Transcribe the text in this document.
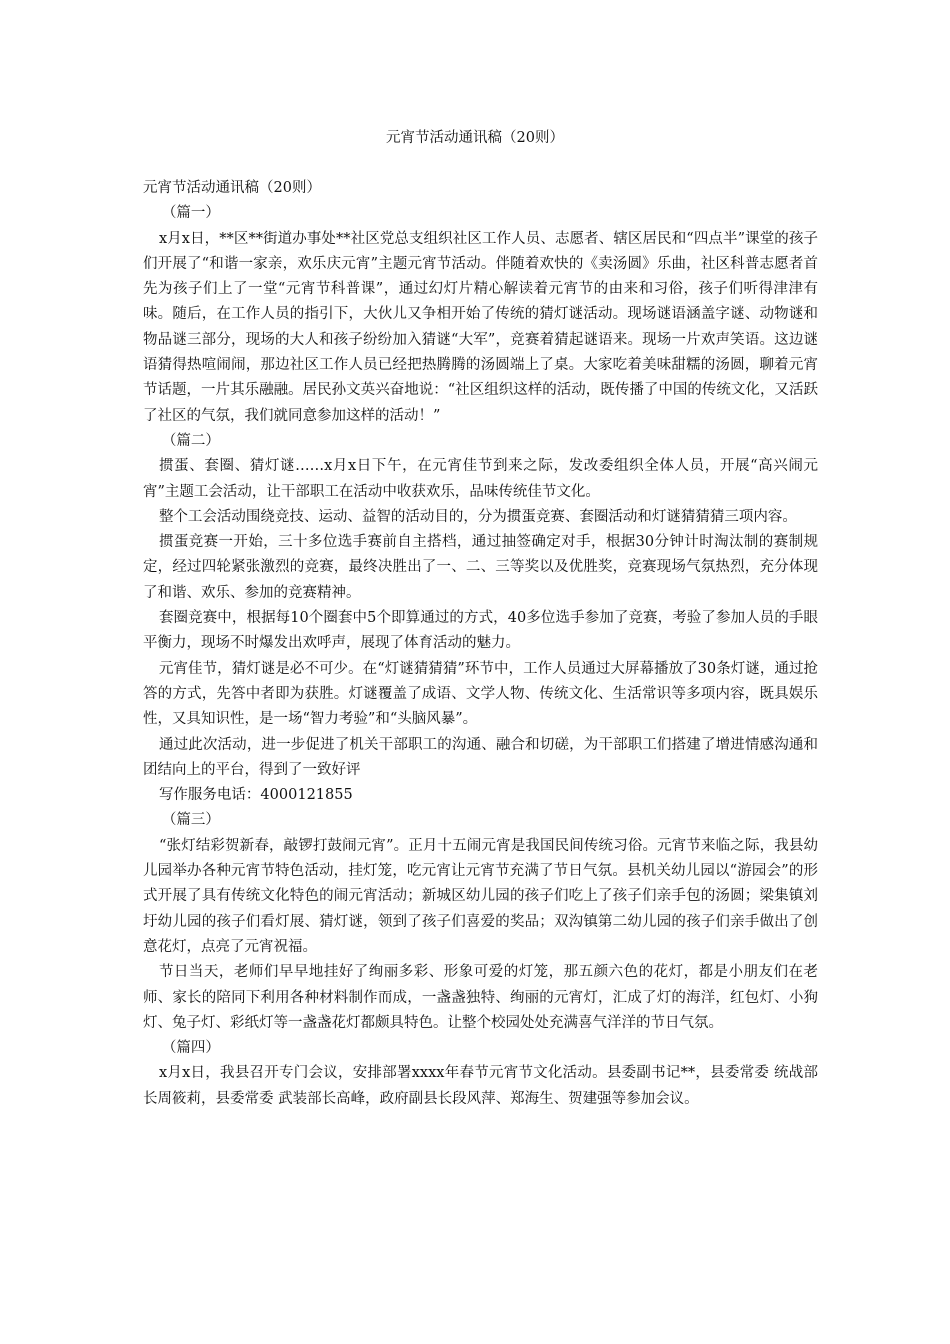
元宵节活动通讯稿（20则）

元宵节活动通讯稿（20则）

（篇一）

x月x日，**区**街道办事处**社区党总支组织社区工作人员、志愿者、辖区居民和“四点半”课堂的孩子们开展了“和谐一家亲，欢乐庆元宵”主题元宵节活动。伴随着欢快的《卖汤圆》乐曲，社区科普志愿者首先为孩子们上了一堂“元宵节科普课”，通过幻灯片精心解读着元宵节的由来和习俗，孩子们听得津津有味。随后，在工作人员的指引下，大伙儿又争相开始了传统的猜灯谜活动。现场谜语涵盖字谜、动物谜和物品谜三部分，现场的大人和孩子纷纷加入猜谜“大军”，竞赛着猜起谜语来。现场一片欢声笑语。这边谜语猜得热喧闹闹，那边社区工作人员已经把热腾腾的汤圆端上了桌。大家吃着美味甜糯的汤圆，聊着元宵节话题，一片其乐融融。居民孙文英兴奋地说：“社区组织这样的活动，既传播了中国的传统文化，又活跃了社区的气氛，我们就同意参加这样的活动！”

（篇二）

掼蛋、套圈、猜灯谜……x月x日下午，在元宵佳节到来之际，发改委组织全体人员，开展“高兴闹元宵”主题工会活动，让干部职工在活动中收获欢乐，品味传统佳节文化。

整个工会活动围绕竞技、运动、益智的活动目的，分为掼蛋竞赛、套圈活动和灯谜猜猜猜三项内容。

掼蛋竞赛一开始，三十多位选手赛前自主搭档，通过抽签确定对手，根据30分钟计时淘汰制的赛制规定，经过四轮紧张激烈的竞赛，最终决胜出了一、二、三等奖以及优胜奖，竞赛现场气氛热烈，充分体现了和谐、欢乐、参加的竞赛精神。

套圈竞赛中，根据每10个圈套中5个即算通过的方式，40多位选手参加了竞赛，考验了参加人员的手眼平衡力，现场不时爆发出欢呼声，展现了体育活动的魅力。

元宵佳节，猜灯谜是必不可少。在“灯谜猜猜猜”环节中，工作人员通过大屏幕播放了30条灯谜，通过抢答的方式，先答中者即为获胜。灯谜覆盖了成语、文学人物、传统文化、生活常识等多项内容，既具娱乐性，又具知识性，是一场“智力考验”和“头脑风暴”。

通过此次活动，进一步促进了机关干部职工的沟通、融合和切磋，为干部职工们搭建了增进情感沟通和团结向上的平台，得到了一致好评

写作服务电话：4000121855

（篇三）

“张灯结彩贺新春，敲锣打鼓闹元宵”。正月十五闹元宵是我国民间传统习俗。元宵节来临之际，我县幼儿园举办各种元宵节特色活动，挂灯笼，吃元宵让元宵节充满了节日气氛。县机关幼儿园以“游园会”的形式开展了具有传统文化特色的闹元宵活动；新城区幼儿园的孩子们吃上了孩子们亲手包的汤圆；梁集镇刘圩幼儿园的孩子们看灯展、猜灯谜，领到了孩子们喜爱的奖品；双沟镇第二幼儿园的孩子们亲手做出了创意花灯，点亮了元宵祝福。

节日当天，老师们早早地挂好了绚丽多彩、形象可爱的灯笼，那五颜六色的花灯，都是小朋友们在老师、家长的陪同下利用各种材料制作而成，一盏盏独特、绚丽的元宵灯，汇成了灯的海洋，红包灯、小狗灯、兔子灯、彩纸灯等一盏盏花灯都颇具特色。让整个校园处处充满喜气洋洋的节日气氛。

（篇四）

x月x日，我县召开专门会议，安排部署xxxx年春节元宵节文化活动。县委副书记**，县委常委 统战部长周筱莉，县委常委 武装部长高峰，政府副县长段风萍、郑海生、贺建强等参加会议。
